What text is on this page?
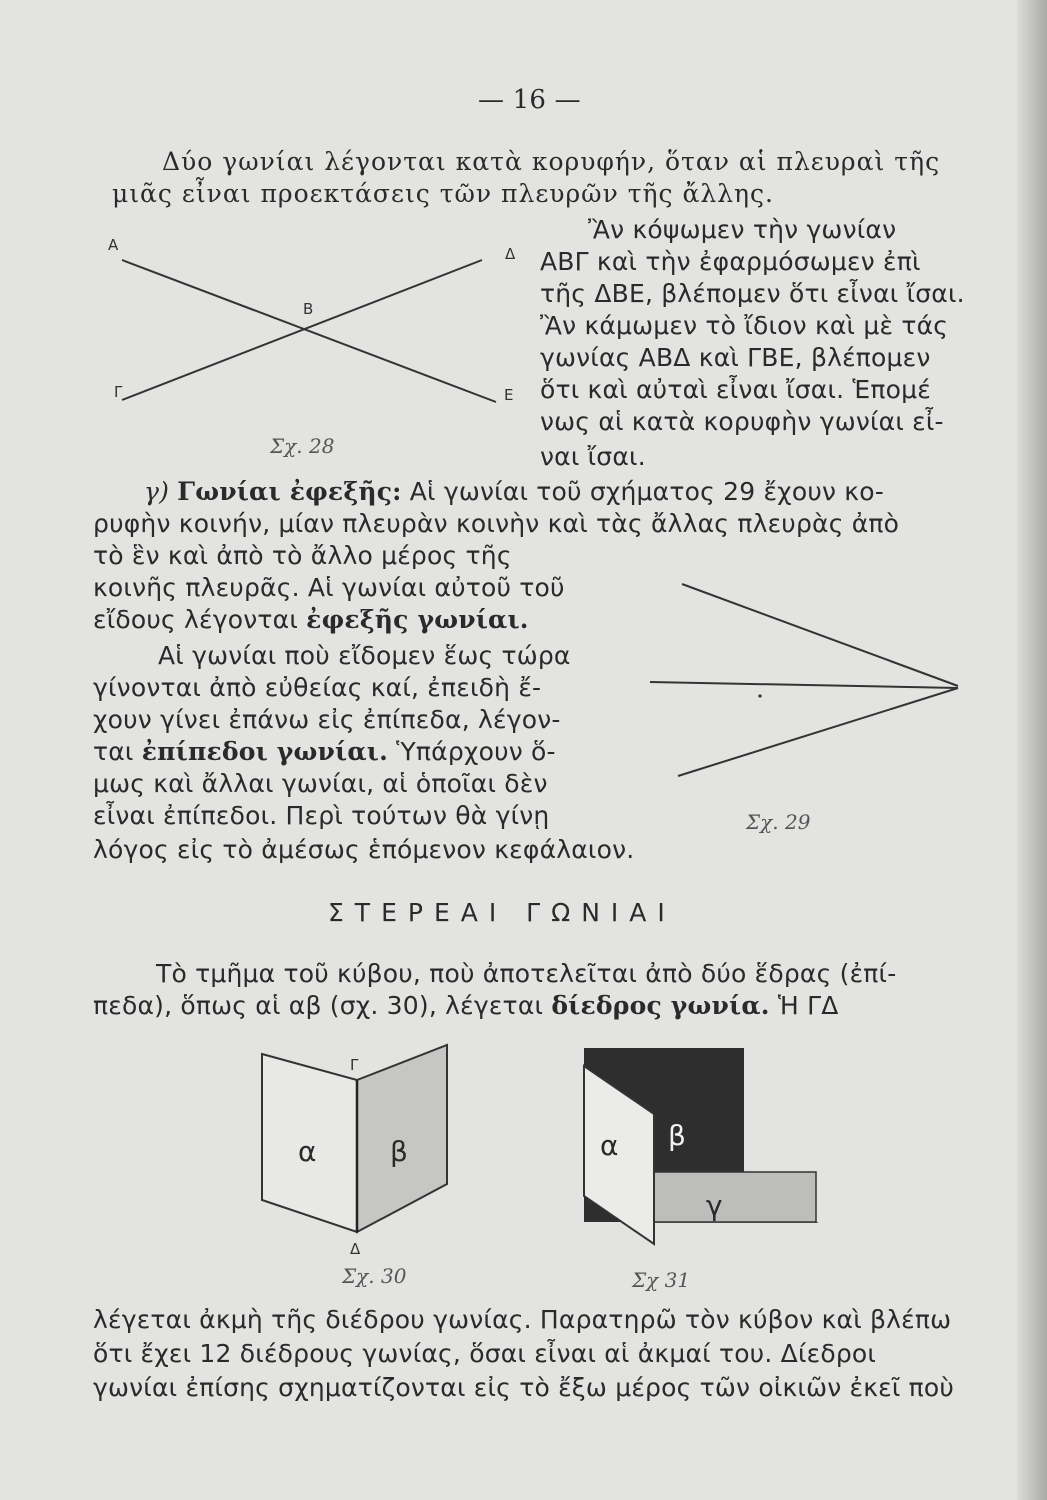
— 16 —
Δύο γωνίαι λέγονται κατὰ κορυφήν, ὅταν αἱ πλευραὶ τῆς
μιᾶς εἶναι προεκτάσεις τῶν πλευρῶν τῆς ἄλλης.
Α
Β
Γ
Δ
Ε
Σχ. 28
Ἂν κόψωμεν τὴν γωνίαν
ΑΒΓ καὶ τὴν ἐφαρμόσωμεν ἐπὶ
τῆς ΔΒΕ, βλέπομεν ὅτι εἶναι ἴσαι.
Ἂν κάμωμεν τὸ ἴδιον καὶ μὲ τάς
γωνίας ΑΒΔ καὶ ΓΒΕ, βλέπομεν
ὅτι καὶ αὐταὶ εἶναι ἴσαι. Ἑπομέ
νως αἱ κατὰ κορυφὴν γωνίαι εἶ-
ναι ἴσαι.
γ) Γωνίαι ἐφεξῆς: Αἱ γωνίαι τοῦ σχήματος 29 ἔχουν κο-
ρυφὴν κοινήν, μίαν πλευρὰν κοινὴν καὶ τὰς ἄλλας πλευρὰς ἀπὸ
τὸ ἓν καὶ ἀπὸ τὸ ἄλλο μέρος τῆς
κοινῆς πλευρᾶς. Αἱ γωνίαι αὐτοῦ τοῦ
εἴδους λέγονται ἐφεξῆς γωνίαι.
Αἱ γωνίαι ποὺ εἴδομεν ἕως τώρα
γίνονται ἀπὸ εὐθείας καί, ἐπειδὴ ἔ-
χουν γίνει ἐπάνω εἰς ἐπίπεδα, λέγον-
ται ἐπίπεδοι γωνίαι. Ὑπάρχουν ὅ-
μως καὶ ἄλλαι γωνίαι, αἱ ὁποῖαι δὲν
εἶναι ἐπίπεδοι. Περὶ τούτων θὰ γίνῃ
λόγος εἰς τὸ ἀμέσως ἑπόμενον κεφάλαιον.
Σχ. 29
ΣΤΕΡΕΑΙ ΓΩΝΙΑΙ
Τὸ τμῆμα τοῦ κύβου, ποὺ ἀποτελεῖται ἀπὸ δύο ἕδρας (ἐπί-
πεδα), ὅπως αἱ αβ (σχ. 30), λέγεται δίεδρος γωνία. Ἡ ΓΔ
Γ
Δ
α	β
Σχ. 30
α β
γ
Σχ 31
λέγεται ἀκμὴ τῆς διέδρου γωνίας. Παρατηρῶ τὸν κύβον καὶ βλέπω
ὅτι ἔχει 12 διέδρους γωνίας, ὅσαι εἶναι αἱ ἀκμαί του. Δίεδροι
γωνίαι ἐπίσης σχηματίζονται εἰς τὸ ἔξω μέρος τῶν οἰκιῶν ἐκεῖ ποὺ
